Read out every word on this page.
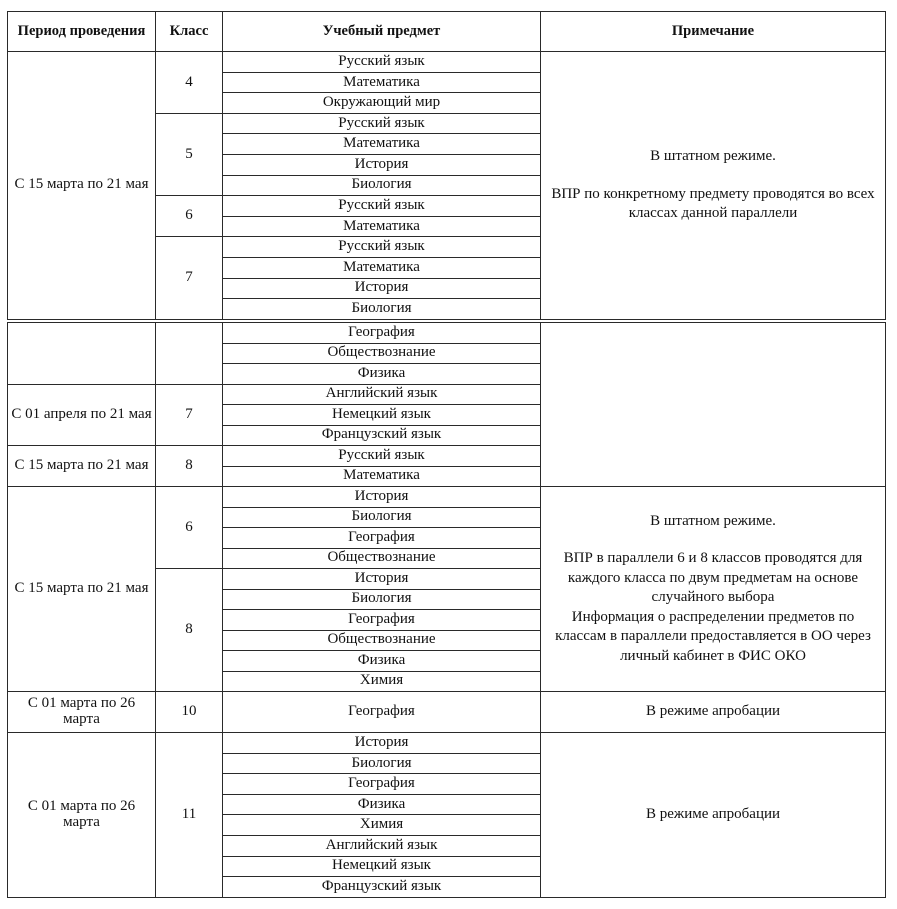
Период проведения	Класс	Учебный предмет	Примечание
С 15 марта по 21 мая	4	Русский язык	В штатном режиме.
ВПР по конкретному предмету проводятся во всех классах данной параллели

		Математика	
		Окружающий мир	
	5	Русский язык	
		Математика	
		История	
		Биология	
	6	Русский язык	
		Математика	
	7	Русский язык	
		Математика	
		История	
		Биология	
		География	
		Обществознание	
		Физика	
С 01 апреля по 21 мая	7	Английский язык	
		Немецкий язык	
		Французский язык	
С 15 марта по 21 мая	8	Русский язык	
		Математика	
С 15 марта по 21 мая	6	История	В штатном режиме.
ВПР в параллели 6 и 8 классов проводятся для каждого класса по двум предметам на основе случайного выбора
Информация о распределении предметов по классам в параллели предоставляется в ОО через личный кабинет в ФИС ОКО

		Биология	
		География	
		Обществознание	
	8	История	
		Биология	
		География	
		Обществознание	
		Физика	
		Химия	
С 01 марта по 26 марта	10	География	В режиме апробации
С 01 марта по 26 марта	11	История	В режиме апробации
		Биология	
		География	
		Физика	
		Химия	
		Английский язык	
		Немецкий язык	
		Французский язык	
